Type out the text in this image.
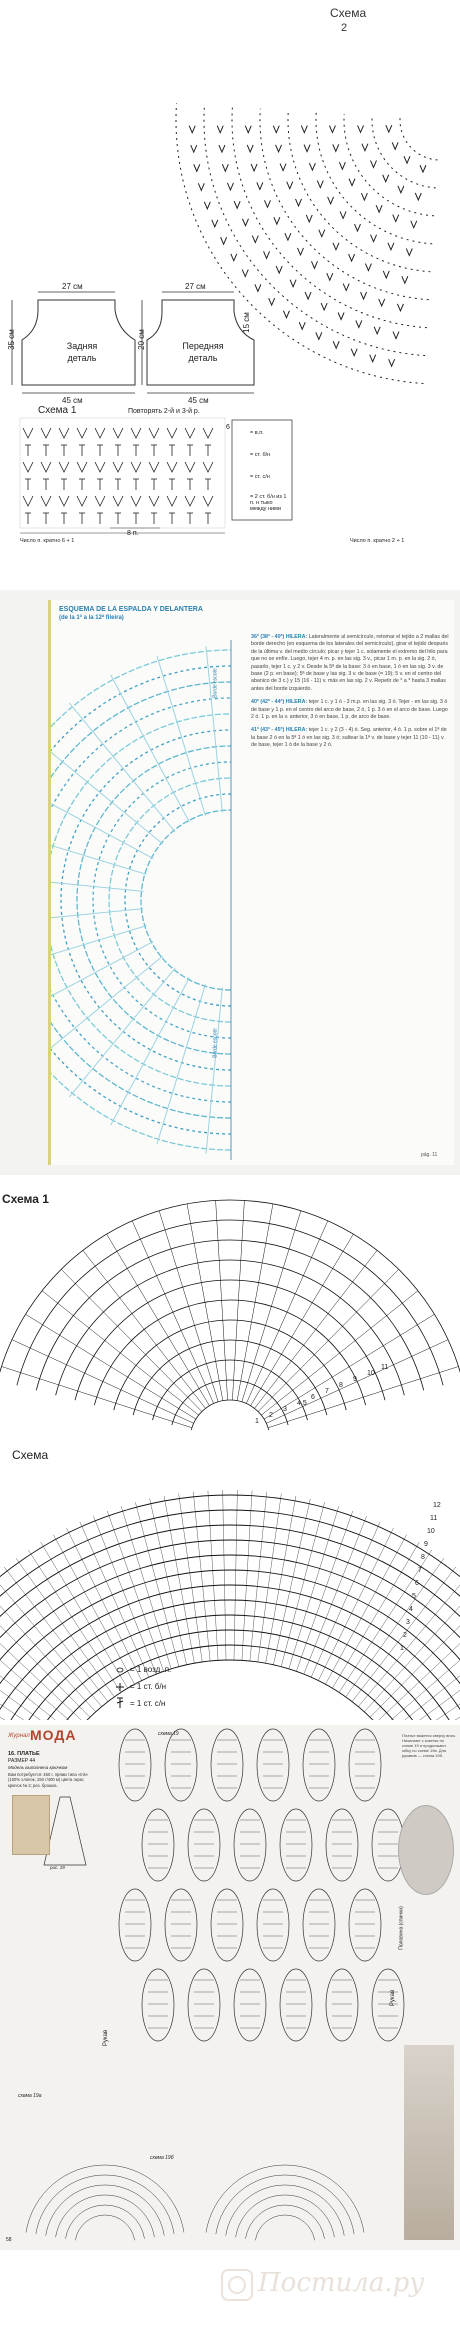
Схема
2
27 см	27 см
35 см	20 см
15 см
Задняя деталь
Передняя деталь
45 см	45 см
Схема 1	Повторять 2-й и 3-й р.
6
8 п.
= в.п.
= ст. б/н
= ст. с/н
= 2 ст. б/н из 1 п. н тыко между ними
Число п. кратно 6 + 1	Число п. кратно 2 + 1
ESQUEMA DE LA ESPALDA Y DELANTERA
(de la 1ª a la 12ª fileira)
Borde escote
Borde escote
36ª (38ª - 40ª) HILERA: Lateralmente al semicírculo, retomar el tejido a 2 mallas del borde derecho (en esquema de los laterales del semicírculo), girar el tejido después de la última v. del medio círculo; picar y tejer 1 c. solamente el extremo del hilo para que no se enfíe. Luego, tejer 4 m. p. en las sig. 3 v., picar 1 m. p. en la sig. 2 ó, pasarlo, tejer 1 c. y 2 v. Desde la 5ª de la base: 3 ó en base, 1 ó en las sig. 3 v. de base (2 p. en base); 5ª de base y las sig. 3 v. de base (= 19); 5 v. en el centro del abanico de 3 c.) y 15 (16 - 11) v. más en las sig. 2 v. Repetir de * a * hasta 3 mallas antes del borde izquierdo.
40ª (42ª - 44ª) HILERA: tejer 1 c. y 1 ó - 3 m.p. en las sig. 3 ó. Tejer - en las sig. 3 ó de base y 1 p. en el centro del arco de base, 2 ó, 1 p. 3 ó en el arco de base. Luego 2 ó. 1 p. en la v. anterior, 3 ó en base, 1 p. de arco de base.
41ª (43ª - 45ª) HILERA: tejer 1 c. y 2 (3 - 4) ó. Seg. anterior, 4 ó. 1 p. sobre el 1ª de la base 2 ó en la 5ª 1 ó en las sig. 3 ó; saltear la 1ª v. de base y tejer 11 (10 - 11) v. de base, tejer 1 ó de la base y 2 ó.
pág. 11
Схема 1
1
2
3
4,5
6
7
8
9
10
11
Схема
1
2
3
4
5
6
7
8
9
10
11
12
= 1 возд. п.
= 1 ст. б/н
= 1 ст. с/н
Журнал МОДА
16. ПЛАТЬЕ
РАЗМЕР 44
Модель выполнена крючком
Вам потребуется: 450 г. пряжи типа «Iris» (100% хлопок, 150 г/400 м) цвета экрю; крючок № 2; рез. брошка.
рис. 19
схема 19
схема 19а
схема 19б
Рукав
Рукав
Половина (спинки)
Платье вяжется сверху вниз. Начинают с кокетки по схеме 19 и продолжают юбку по схеме 19а. Для рукавов — схема 19б.
58
Постила.ру
